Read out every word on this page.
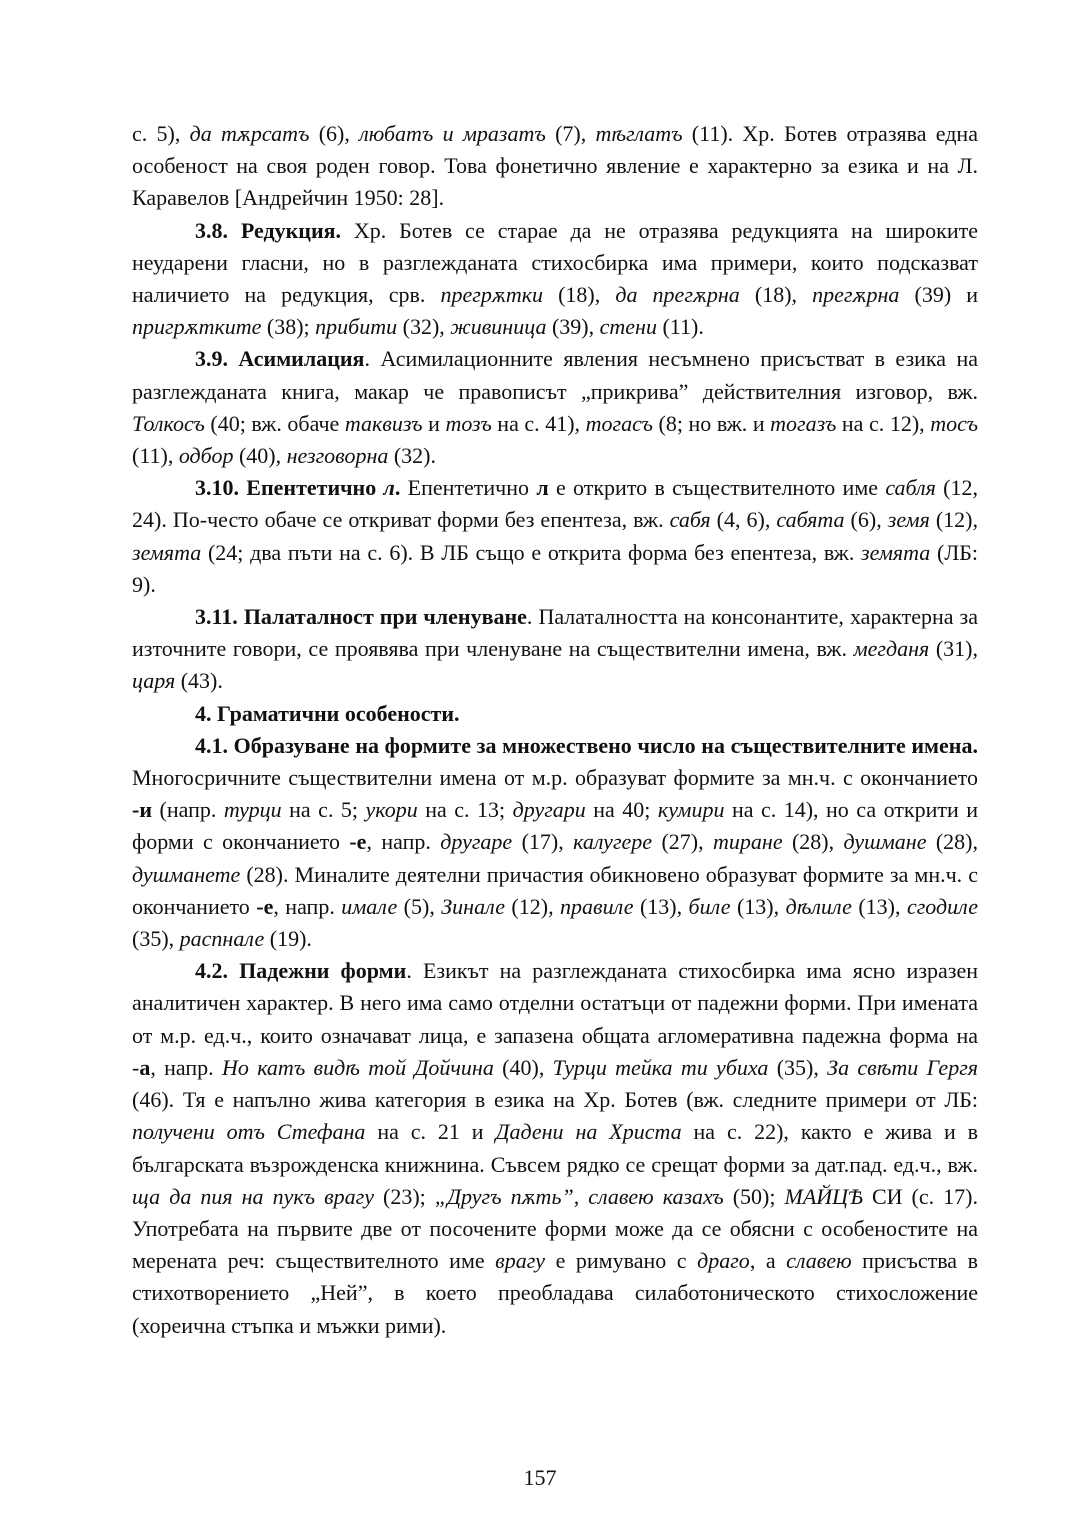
с. 5), да тѫрсатъ (6), любатъ и мразатъ (7), тѣглатъ (11). Хр. Ботев отразява една особеност на своя роден говор. Това фонетично явление е характерно за езика и на Л. Каравелов [Андрейчин 1950: 28].

3.8. Редукция. Хр. Ботев се старае да не отразява редукцията на широките неударени гласни, но в разглежданата стихосбирка има примери, които подсказват наличието на редукция, срв. прегрѫтки (18), да прегѫрна (18), прегѫрна (39) и пригрѫтките (38); прибити (32), живиница (39), стени (11).

3.9. Асимилация. Асимилационните явления несъмнено присъстват в езика на разглежданата книга, макар че правописът „прикрива” действителния изговор, вж. Толкосъ (40; вж. обаче таквизъ и тозъ на с. 41), тогасъ (8; но вж. и тогазъ на с. 12), тосъ (11), одбор (40), незговорна (32).

3.10. Епентетично л. Епентетично л е открито в съществителното име сабля (12, 24). По-често обаче се откриват форми без епентеза, вж. сабя (4, 6), сабята (6), земя (12), земята (24; два пъти на с. 6). В ЛБ също е открита форма без епентеза, вж. земята (ЛБ: 9).

3.11. Палаталност при членуване. Палаталността на консонантите, характерна за източните говори, се проявява при членуване на съществителни имена, вж. мегданя (31), царя (43).

4. Граматични особености.

4.1. Образуване на формите за множествено число на съществителните имена. Многосричните съществителни имена от м.р. образуват формите за мн.ч. с окончанието -и (напр. турци на с. 5; укори на с. 13; другари на 40; кумири на с. 14), но са открити и форми с окончанието -е, напр. другаре (17), калугере (27), тиране (28), душмане (28), душманете (28). Миналите деятелни причастия обикновено образуват формите за мн.ч. с окончанието -е, напр. имале (5), Зинале (12), правиле (13), биле (13), дѣлиле (13), сгодиле (35), распнале (19).

4.2. Падежни форми. Езикът на разглежданата стихосбирка има ясно изразен аналитичен характер. В него има само отделни остатъци от падежни форми. При имената от м.р. ед.ч., които означават лица, е запазена общата агломеративна падежна форма на -а, напр. Но катъ видѣ той Дойчина (40), Турци тейка ти убиха (35), За свѣти Гергя (46). Тя е напълно жива категория в езика на Хр. Ботев (вж. следните примери от ЛБ: получени отъ Стефана на с. 21 и Дадени на Христа на с. 22), както е жива и в българската възрожденска книжнина. Съвсем рядко се срещат форми за дат.пад. ед.ч., вж. ща да пия на пукъ врагу (23); „Другъ пѫть”, славею казахъ (50); МАЙЦѢ СИ (с. 17). Употребата на първите две от посочените форми може да се обясни с особеностите на мерената реч: съществителното име врагу е римувано с драго, а славею присъства в стихотворението „Ней”, в което преобладава силаботоническото стихосложение (хореична стъпка и мъжки рими).

157
